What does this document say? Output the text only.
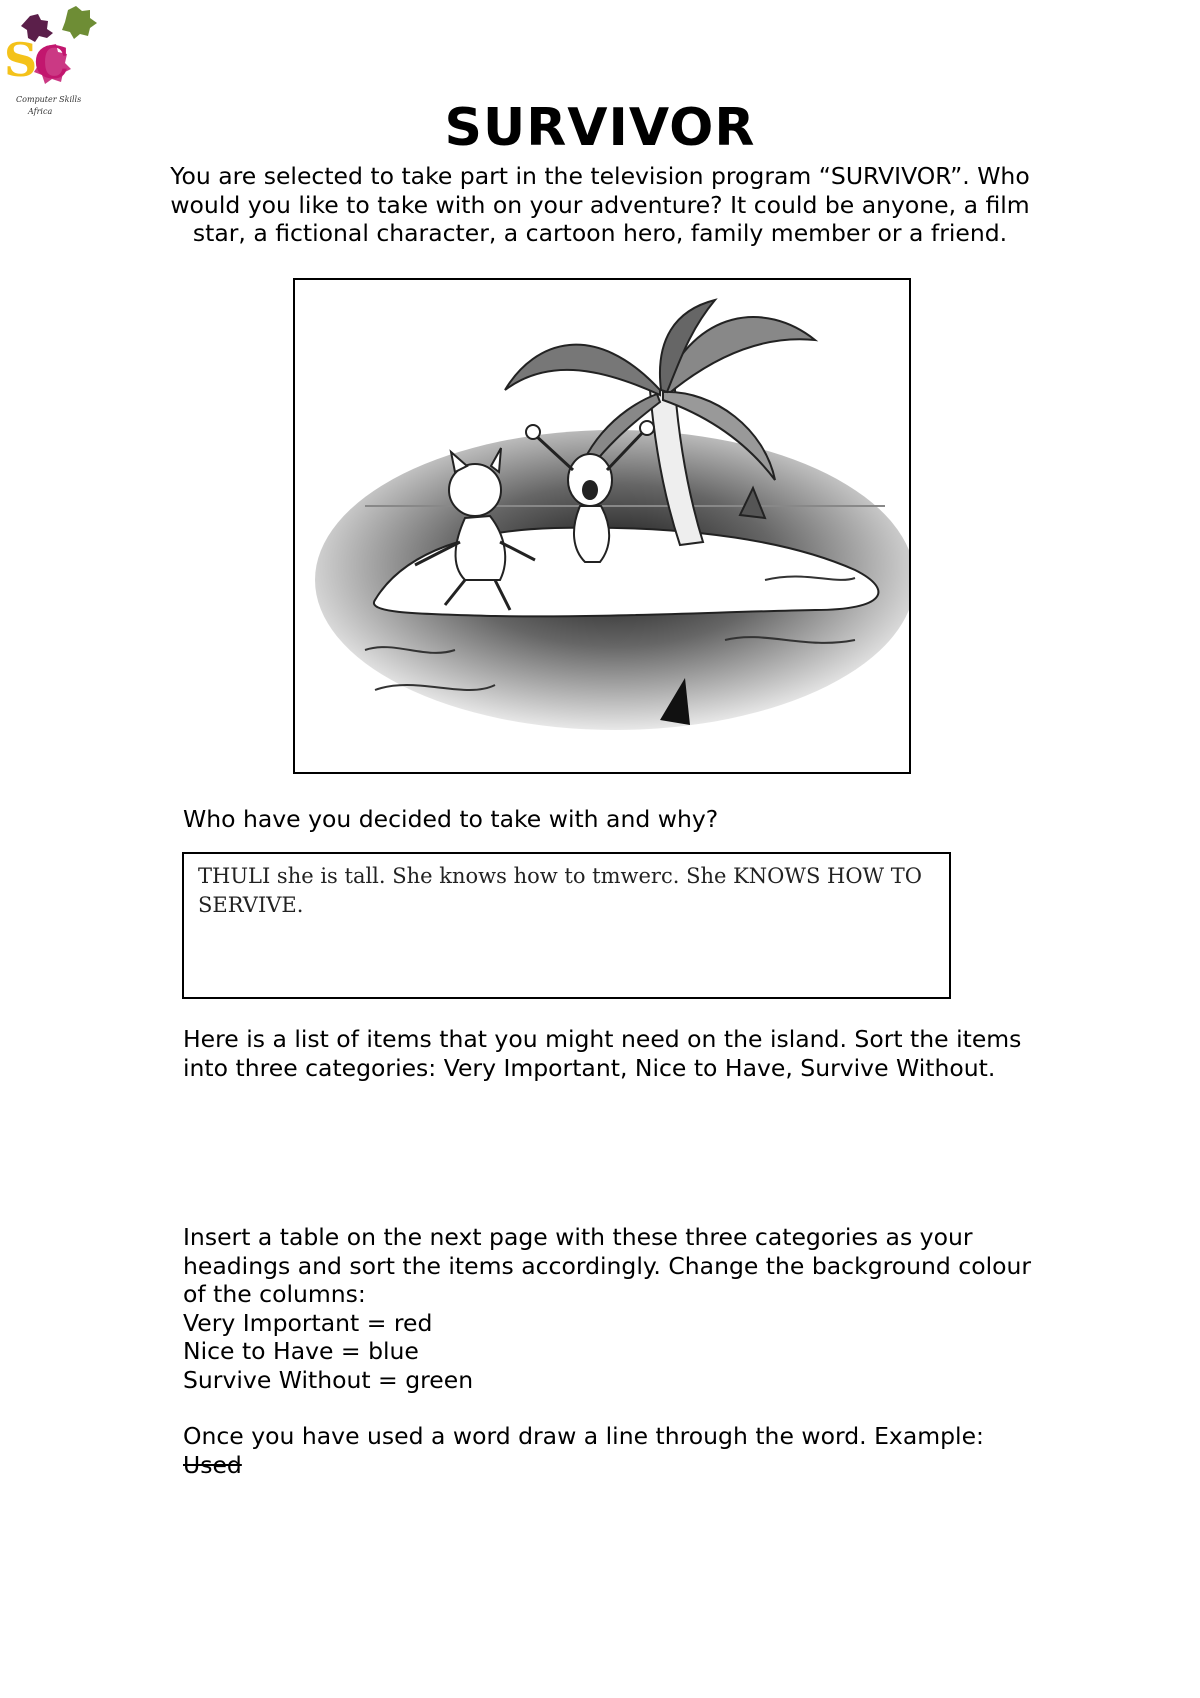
S
C
Computer Skills
Africa	SURVIVOR
You are selected to take part in the television program “SURVIVOR”. Who would you like to take with on your adventure? It could be anyone, a film star, a fictional character, a cartoon hero, family member or a friend.
Who have you decided to take with and why?
THULI she is tall. She knows how to tmwerc. She KNOWS HOW TO SERVIVE.
Here is a list of items that you might need on the island. Sort the items into three categories: Very Important, Nice to Have, Survive Without.
Insert a table on the next page with these three categories as your headings and sort the items accordingly. Change the background colour of the columns:
Very Important = red
Nice to Have = blue
Survive Without = green
Once you have used a word draw a line through the word. Example:
Used
